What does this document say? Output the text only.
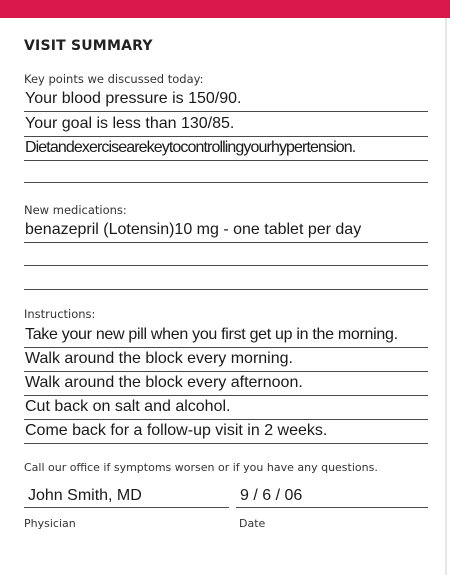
VISIT SUMMARY
Key points we discussed today:
Your blood pressure is 150/90.
Your goal is less than 130/85.
Dietandexercisearekeytocontrollingyourhypertension.
New medications:
benazepril (Lotensin)10 mg - one tablet per day
Instructions:
Take your new pill when you first get up in the morning.
Walk around the block every morning.
Walk around the block every afternoon.
Cut back on salt and alcohol.
Come back for a follow-up visit in 2 weeks.
Call our office if symptoms worsen or if you have any questions.
John Smith, MD	9 / 6 / 06
Physician	Date
